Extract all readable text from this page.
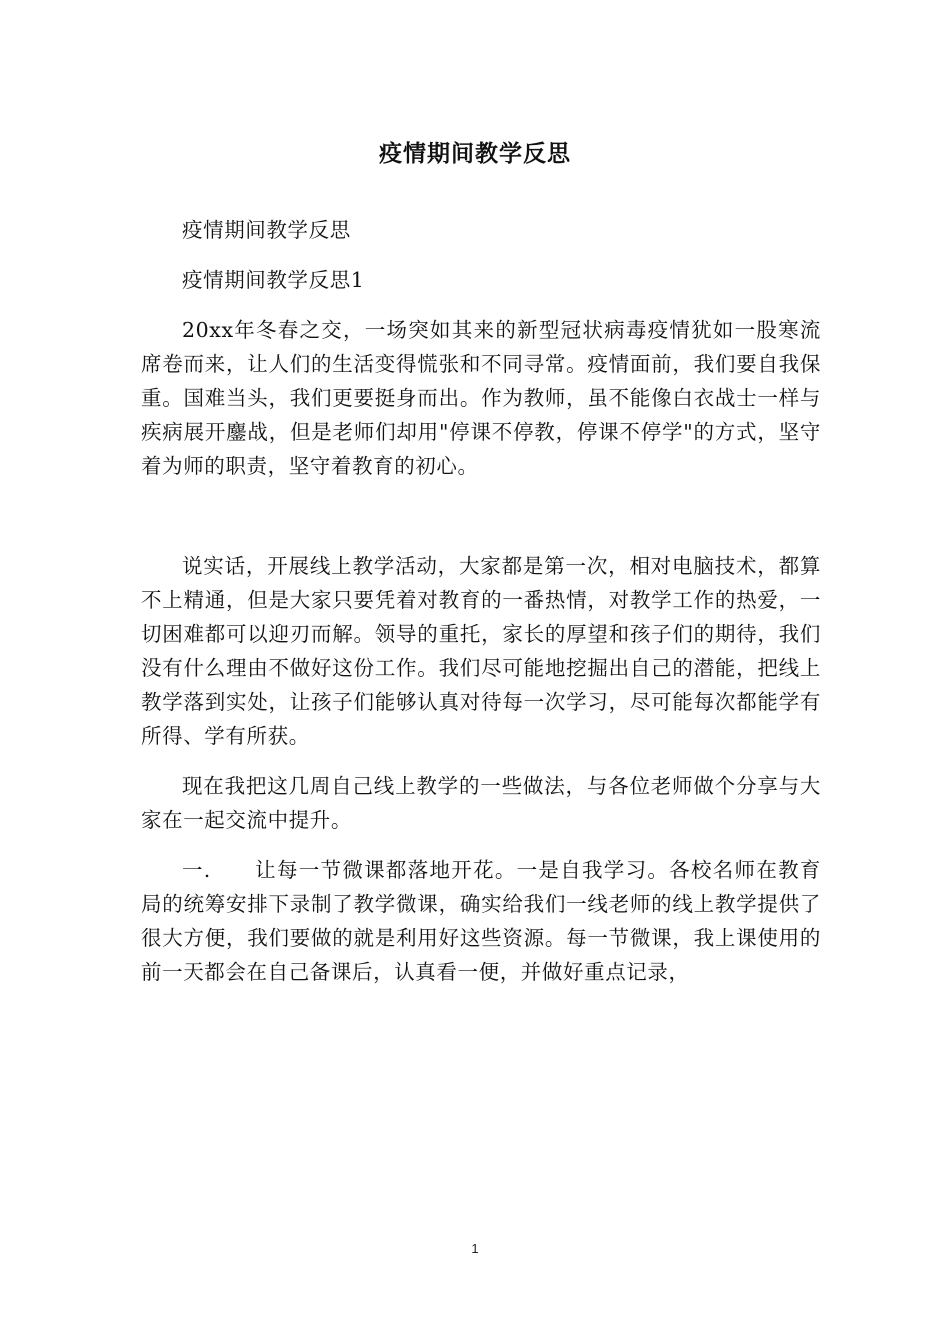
疫情期间教学反思

疫情期间教学反思

疫情期间教学反思1

20xx年冬春之交，一场突如其来的新型冠状病毒疫情犹如一股寒流席卷而来，让人们的生活变得慌张和不同寻常。疫情面前，我们要自我保重。国难当头，我们更要挺身而出。作为教师，虽不能像白衣战士一样与疾病展开鏖战，但是老师们却用"停课不停教，停课不停学"的方式，坚守着为师的职责，坚守着教育的初心。

说实话，开展线上教学活动，大家都是第一次，相对电脑技术，都算不上精通，但是大家只要凭着对教育的一番热情，对教学工作的热爱，一切困难都可以迎刃而解。领导的重托，家长的厚望和孩子们的期待，我们没有什么理由不做好这份工作。我们尽可能地挖掘出自己的潜能，把线上教学落到实处，让孩子们能够认真对待每一次学习，尽可能每次都能学有所得、学有所获。

现在我把这几周自己线上教学的一些做法，与各位老师做个分享与大家在一起交流中提升。

一.　　让每一节微课都落地开花。一是自我学习。各校名师在教育局的统筹安排下录制了教学微课，确实给我们一线老师的线上教学提供了很大方便，我们要做的就是利用好这些资源。每一节微课，我上课使用的前一天都会在自己备课后，认真看一便，并做好重点记录，

1
